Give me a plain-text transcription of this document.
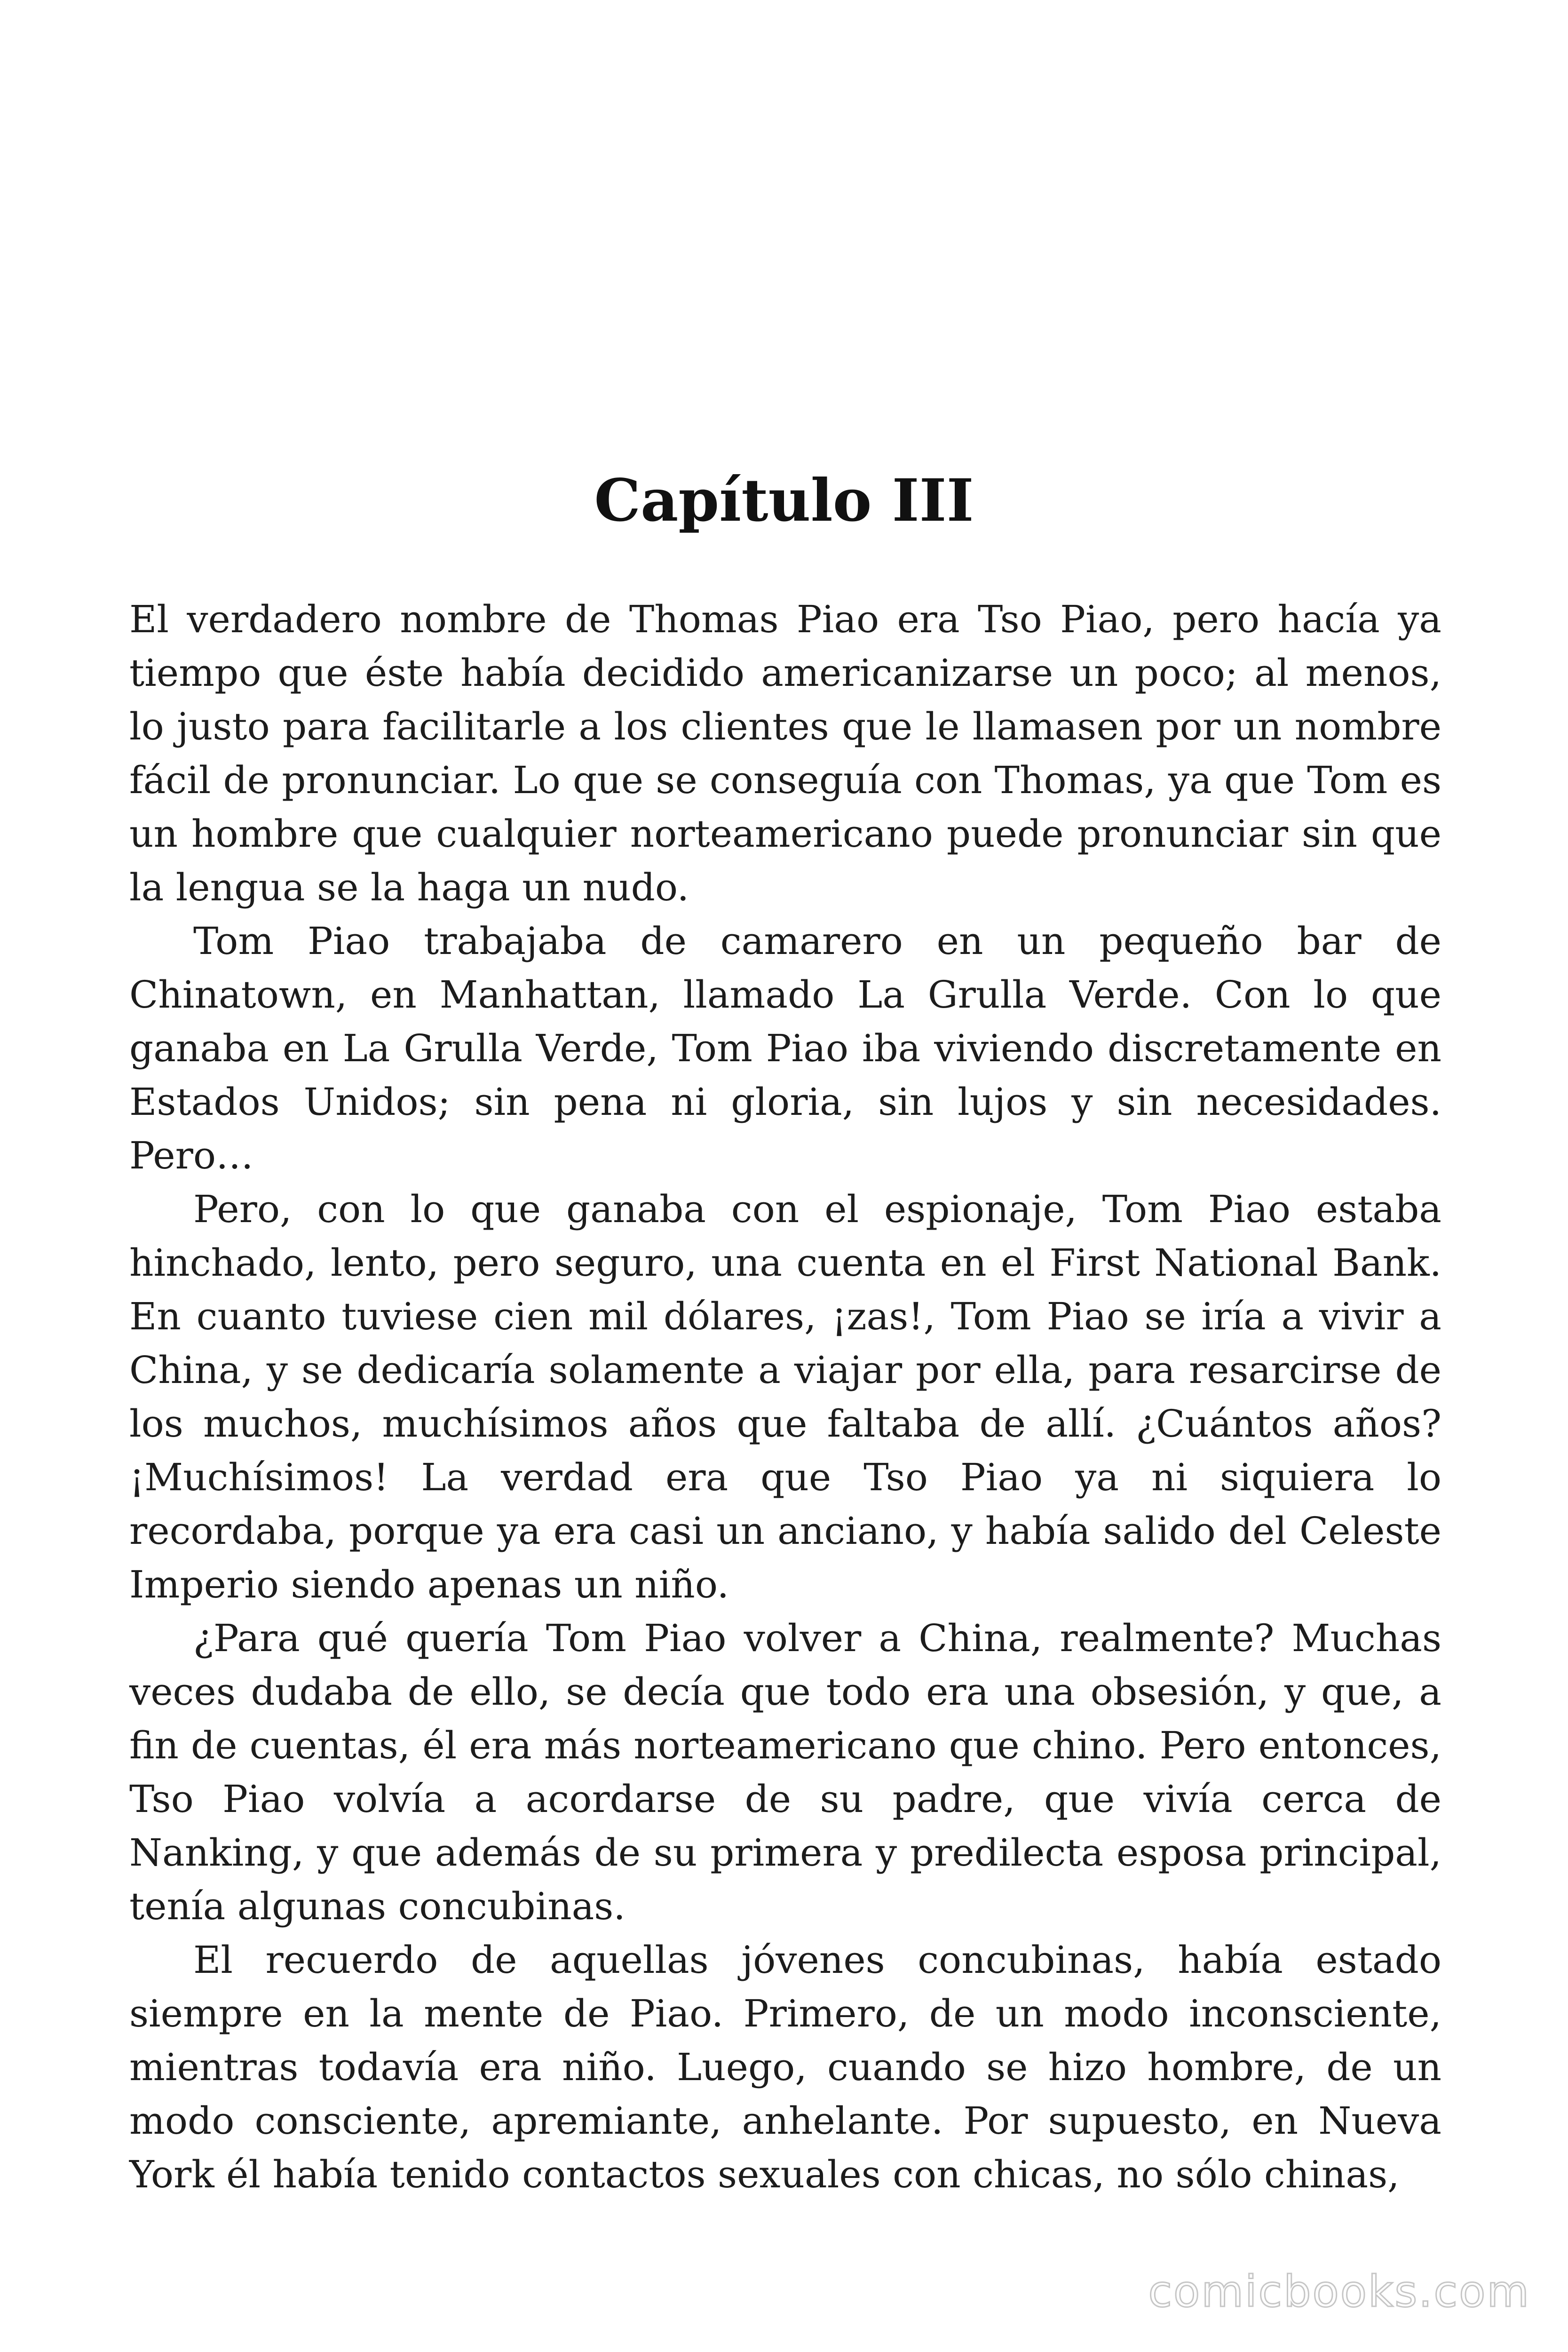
Capítulo III

El verdadero nombre de Thomas Piao era Tso Piao, pero hacía ya tiempo que éste había decidido americanizarse un poco; al menos, lo justo para facilitarle a los clientes que le llamasen por un nombre fácil de pronunciar. Lo que se conseguía con Thomas, ya que Tom es un hombre que cualquier norteamericano puede pronunciar sin que la lengua se la haga un nudo.

Tom Piao trabajaba de camarero en un pequeño bar de Chinatown, en Manhattan, llamado La Grulla Verde. Con lo que ganaba en La Grulla Verde, Tom Piao iba viviendo discretamente en Estados Unidos; sin pena ni gloria, sin lujos y sin necesidades. Pero…

Pero, con lo que ganaba con el espionaje, Tom Piao estaba hinchado, lento, pero seguro, una cuenta en el First National Bank. En cuanto tuviese cien mil dólares, ¡zas!, Tom Piao se iría a vivir a China, y se dedicaría solamente a viajar por ella, para resarcirse de los muchos, muchísimos años que faltaba de allí. ¿Cuántos años? ¡Muchísimos! La verdad era que Tso Piao ya ni siquiera lo recordaba, porque ya era casi un anciano, y había salido del Celeste Imperio siendo apenas un niño.

¿Para qué quería Tom Piao volver a China, realmente? Muchas veces dudaba de ello, se decía que todo era una obsesión, y que, a fin de cuentas, él era más norteamericano que chino. Pero entonces, Tso Piao volvía a acordarse de su padre, que vivía cerca de Nanking, y que además de su primera y predilecta esposa principal, tenía algunas concubinas.

El recuerdo de aquellas jóvenes concubinas, había estado siempre en la mente de Piao. Primero, de un modo inconsciente, mientras todavía era niño. Luego, cuando se hizo hombre, de un modo consciente, apremiante, anhelante. Por supuesto, en Nueva York él había tenido contactos sexuales con chicas, no sólo chinas,

comicbooks.com
